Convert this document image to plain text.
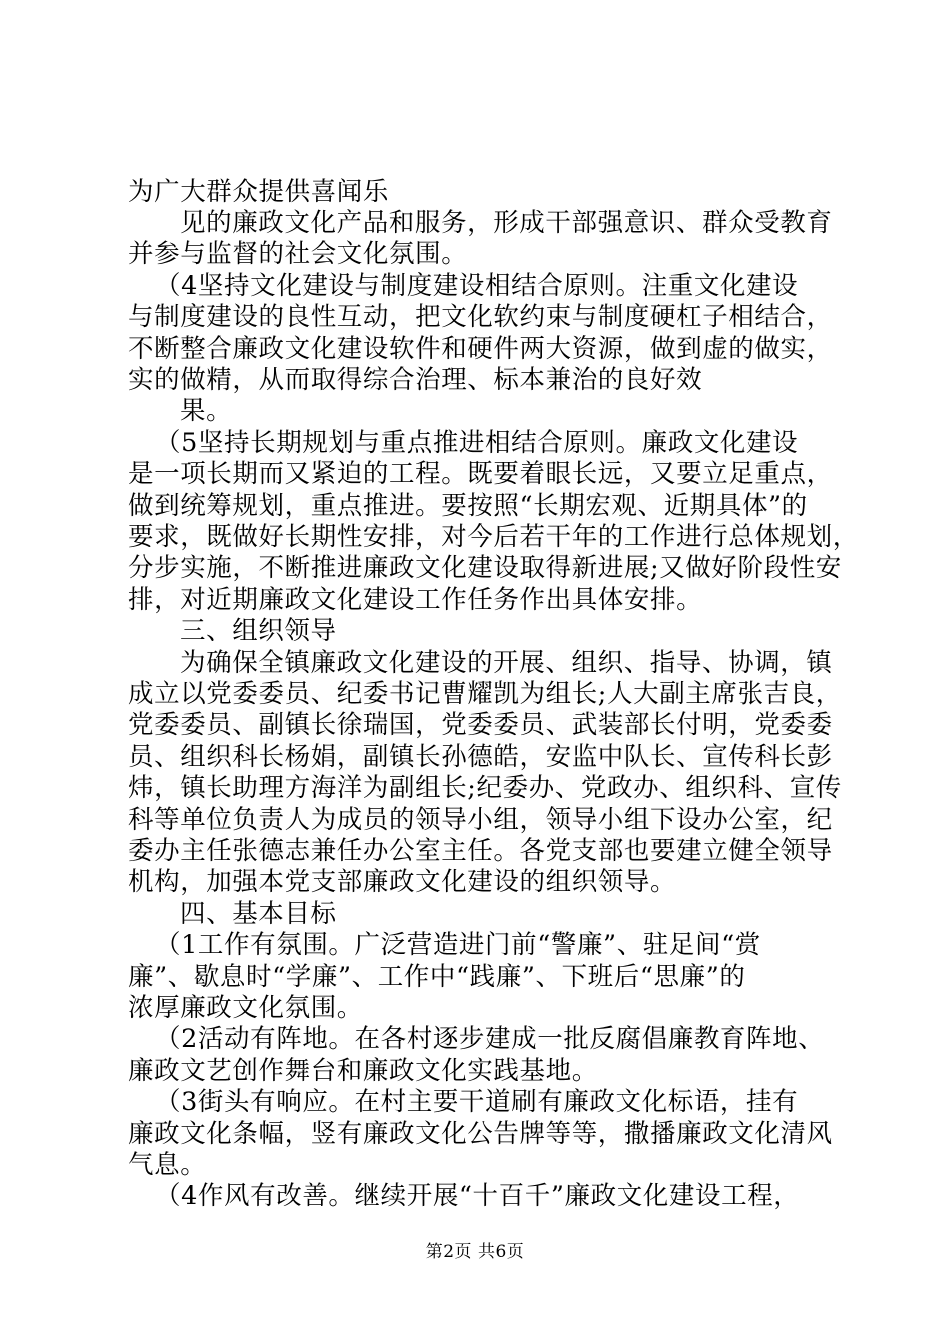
为广大群众提供喜闻乐
见的廉政文化产品和服务，形成干部强意识、群众受教育
并参与监督的社会文化氛围。
（4坚持文化建设与制度建设相结合原则。注重文化建设
与制度建设的良性互动，把文化软约束与制度硬杠子相结合，
不断整合廉政文化建设软件和硬件两大资源，做到虚的做实，
实的做精，从而取得综合治理、标本兼治的良好效
果。
（5坚持长期规划与重点推进相结合原则。廉政文化建设
是一项长期而又紧迫的工程。既要着眼长远，又要立足重点，
做到统筹规划，重点推进。要按照“长期宏观、近期具体”的
要求，既做好长期性安排，对今后若干年的工作进行总体规划，
分步实施，不断推进廉政文化建设取得新进展;又做好阶段性安
排，对近期廉政文化建设工作任务作出具体安排。
三、组织领导
为确保全镇廉政文化建设的开展、组织、指导、协调，镇
成立以党委委员、纪委书记曹耀凯为组长;人大副主席张吉良，
党委委员、副镇长徐瑞国，党委委员、武装部长付明，党委委
员、组织科长杨娟，副镇长孙德皓，安监中队长、宣传科长彭
炜，镇长助理方海洋为副组长;纪委办、党政办、组织科、宣传
科等单位负责人为成员的领导小组，领导小组下设办公室，纪
委办主任张德志兼任办公室主任。各党支部也要建立健全领导
机构，加强本党支部廉政文化建设的组织领导。
四、基本目标
（1工作有氛围。广泛营造进门前“警廉”、驻足间“赏
廉”、歇息时“学廉”、工作中“践廉”、下班后“思廉”的
浓厚廉政文化氛围。
（2活动有阵地。在各村逐步建成一批反腐倡廉教育阵地、
廉政文艺创作舞台和廉政文化实践基地。
（3街头有响应。在村主要干道刷有廉政文化标语，挂有
廉政文化条幅，竖有廉政文化公告牌等等，撒播廉政文化清风
气息。
（4作风有改善。继续开展“十百千”廉政文化建设工程，
第2页 共6页
